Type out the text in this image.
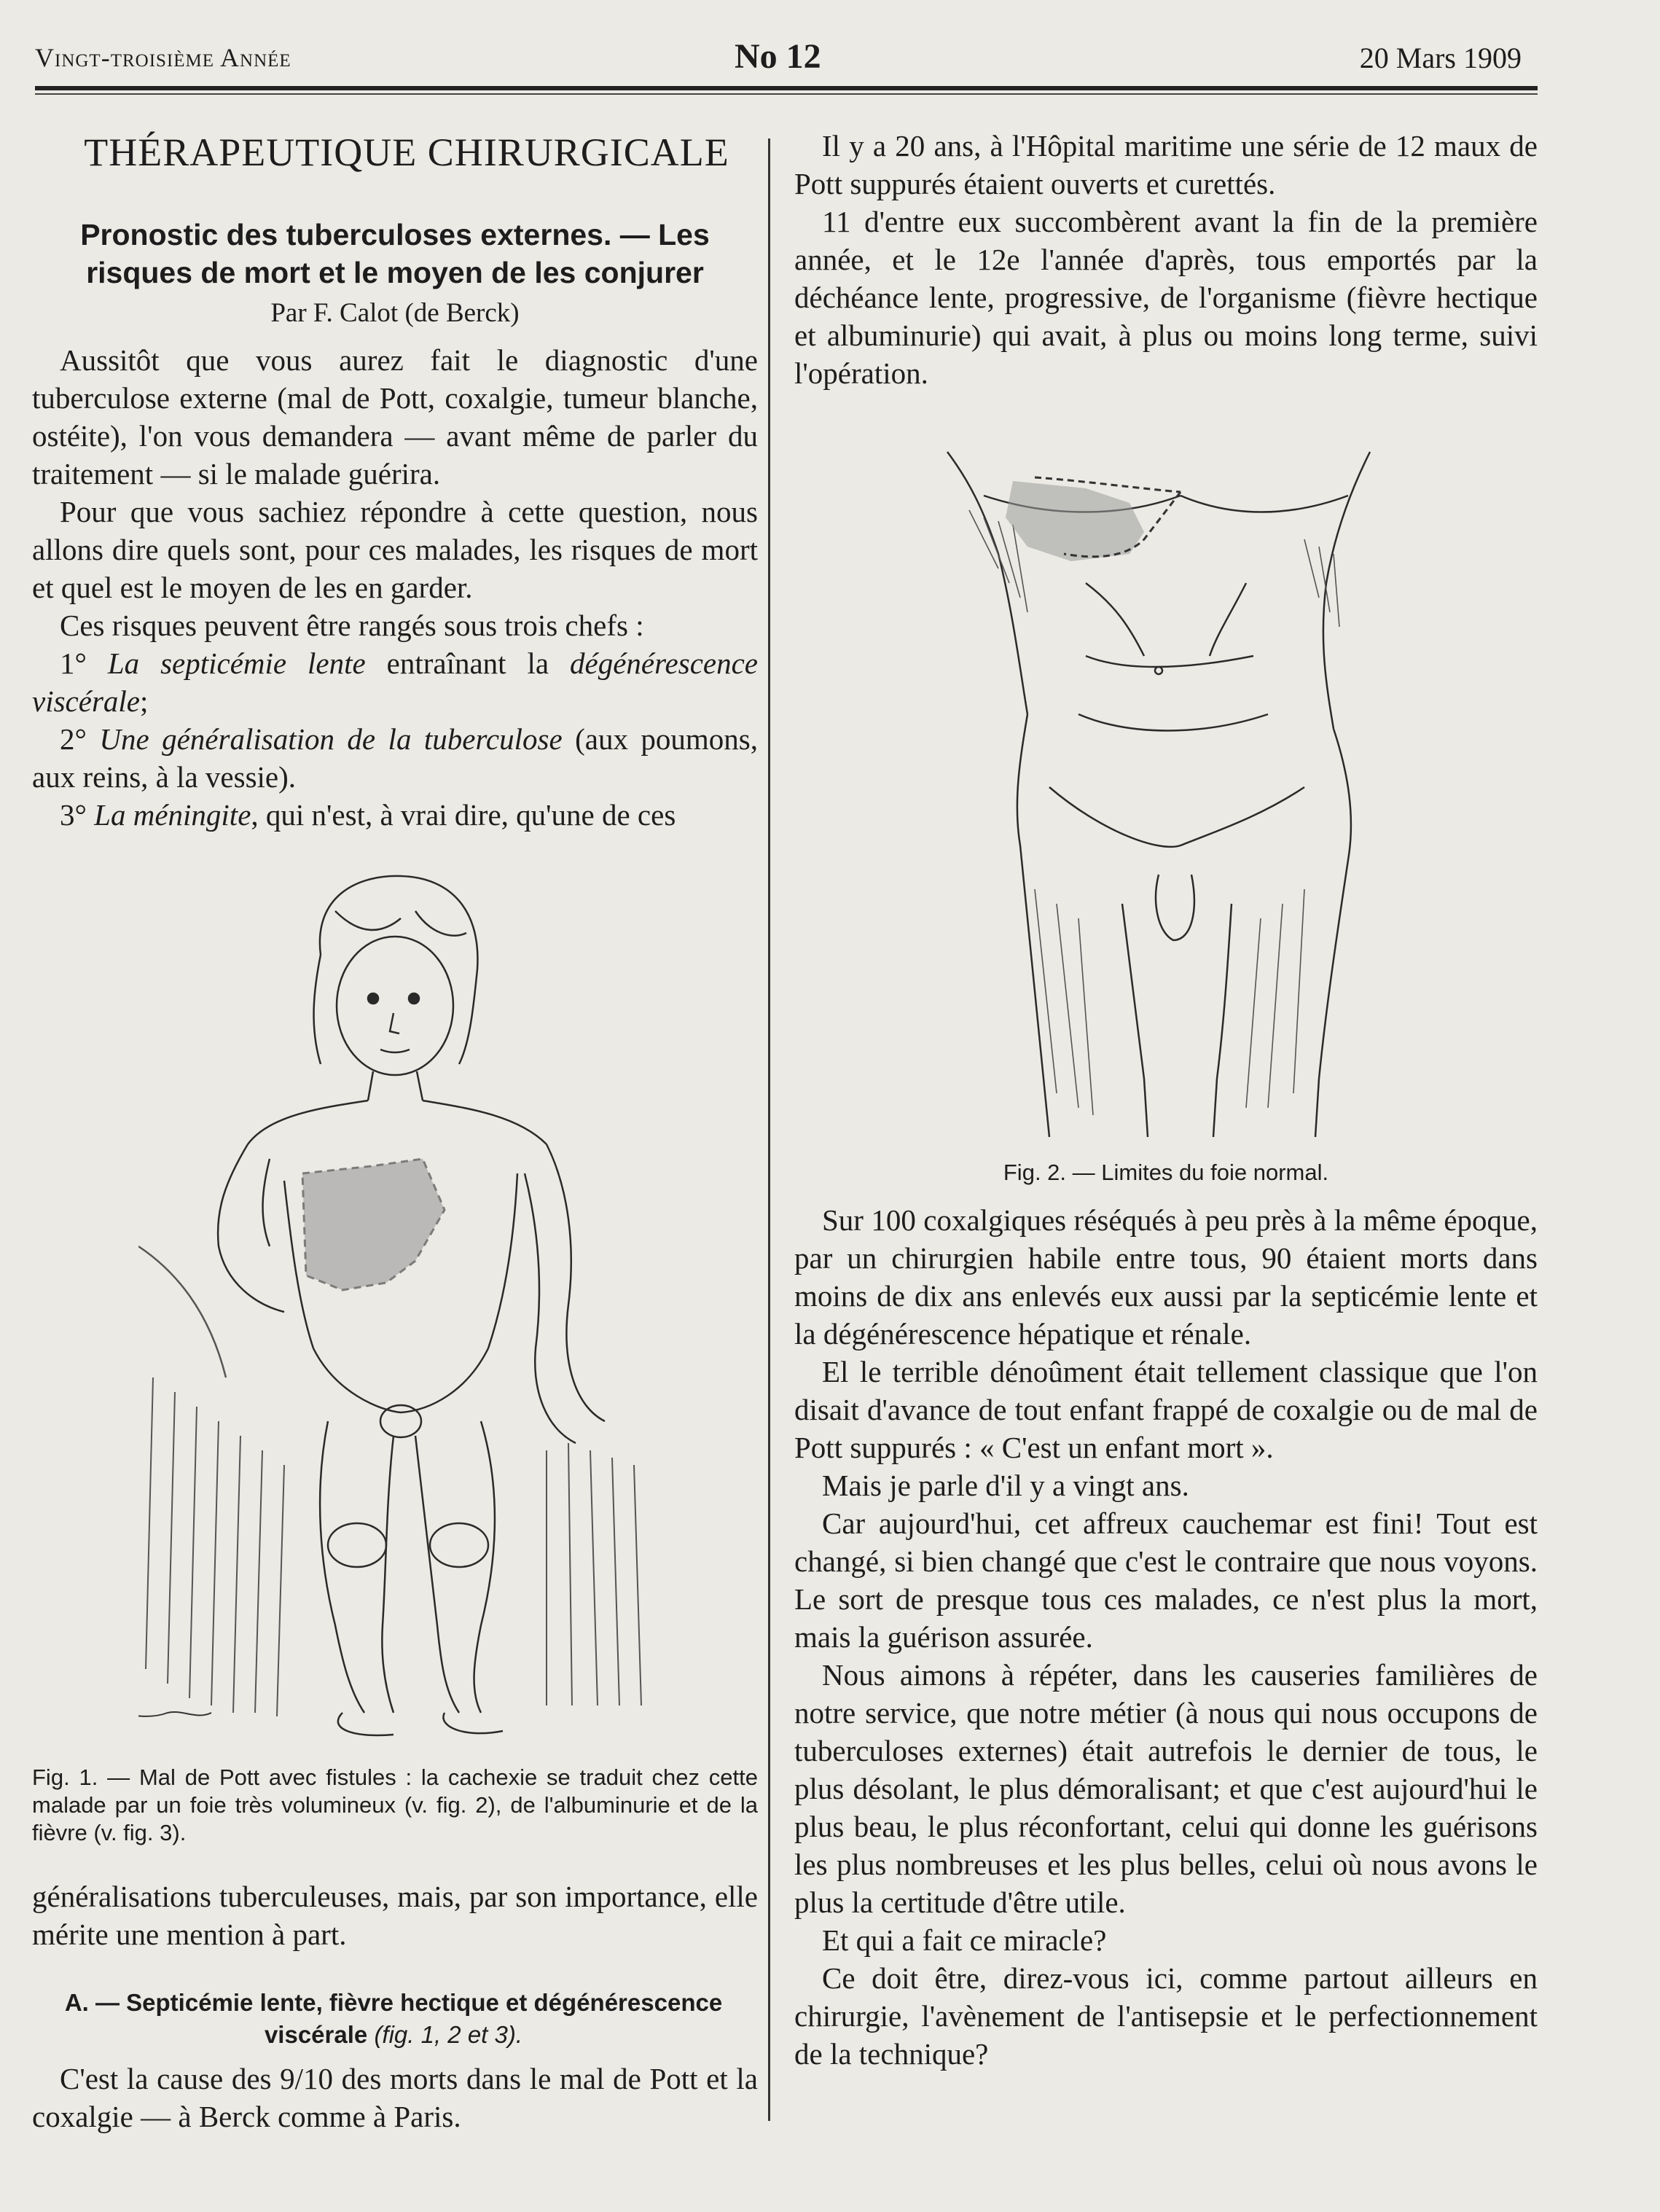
Vingt-troisième Année	No 12	20 Mars 1909
THÉRAPEUTIQUE CHIRURGICALE
Pronostic des tuberculoses externes. — Les risques de mort et le moyen de les conjurer
Par F. Calot (de Berck)

Aussitôt que vous aurez fait le diagnostic d'une tuberculose externe (mal de Pott, coxalgie, tumeur blanche, ostéite), l'on vous demandera — avant même de parler du traitement — si le malade guérira.

Pour que vous sachiez répondre à cette question, nous allons dire quels sont, pour ces malades, les risques de mort et quel est le moyen de les en garder.

Ces risques peuvent être rangés sous trois chefs :

1° La septicémie lente entraînant la dégénérescence viscérale;

2° Une généralisation de la tuberculose (aux poumons, aux reins, à la vessie).

3° La méningite, qui n'est, à vrai dire, qu'une de ces

Fig. 1. — Mal de Pott avec fistules : la cachexie se traduit chez cette malade par un foie très volumineux (v. fig. 2), de l'albuminurie et de la fièvre (v. fig. 3).

généralisations tuberculeuses, mais, par son importance, elle mérite une mention à part.

A. — Septicémie lente, fièvre hectique et dégénérescence viscérale (fig. 1, 2 et 3).

C'est la cause des 9/10 des morts dans le mal de Pott et la coxalgie — à Berck comme à Paris.

Il y a 20 ans, à l'Hôpital maritime une série de 12 maux de Pott suppurés étaient ouverts et curettés.

11 d'entre eux succombèrent avant la fin de la première année, et le 12e l'année d'après, tous emportés par la déchéance lente, progressive, de l'organisme (fièvre hectique et albuminurie) qui avait, à plus ou moins long terme, suivi l'opération.

Fig. 2. — Limites du foie normal.

Sur 100 coxalgiques réséqués à peu près à la même époque, par un chirurgien habile entre tous, 90 étaient morts dans moins de dix ans enlevés eux aussi par la septicémie lente et la dégénérescence hépatique et rénale.

El le terrible dénoûment était tellement classique que l'on disait d'avance de tout enfant frappé de coxalgie ou de mal de Pott suppurés : « C'est un enfant mort ».

Mais je parle d'il y a vingt ans.

Car aujourd'hui, cet affreux cauchemar est fini! Tout est changé, si bien changé que c'est le contraire que nous voyons. Le sort de presque tous ces malades, ce n'est plus la mort, mais la guérison assurée.

Nous aimons à répéter, dans les causeries familières de notre service, que notre métier (à nous qui nous occupons de tuberculoses externes) était autrefois le dernier de tous, le plus désolant, le plus démoralisant; et que c'est aujourd'hui le plus beau, le plus réconfortant, celui qui donne les guérisons les plus nombreuses et les plus belles, celui où nous avons le plus la certitude d'être utile.

Et qui a fait ce miracle?

Ce doit être, direz-vous ici, comme partout ailleurs en chirurgie, l'avènement de l'antisepsie et le perfectionnement de la technique?
